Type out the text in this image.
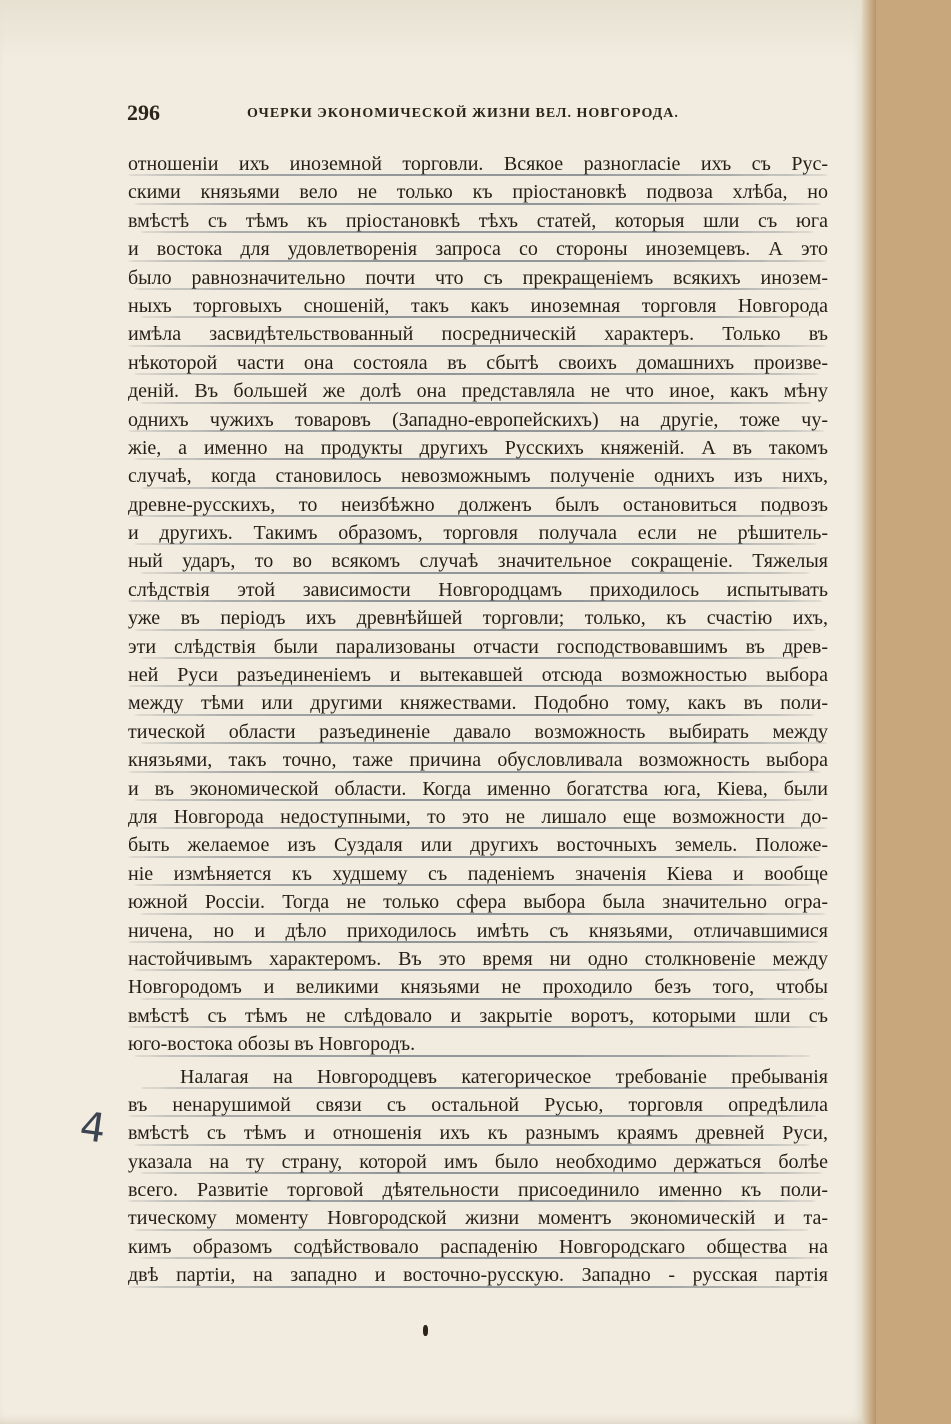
296	ОЧЕРКИ ЭКОНОМИЧЕСКОЙ ЖИЗНИ ВЕЛ. НОВГОРОДА.
отношеніи ихъ иноземной торговли. Всякое разногласіе ихъ съ Рус-
скими князьями вело не только къ пріостановкѣ подвоза хлѣба, но
вмѣстѣ съ тѣмъ къ пріостановкѣ тѣхъ статей, которыя шли съ юга
и востока для удовлетворенія запроса со стороны иноземцевъ. А это
было равнозначительно почти что съ прекращеніемъ всякихъ инозем-
ныхъ торговыхъ сношеній, такъ какъ иноземная торговля Новгорода
имѣла засвидѣтельствованный посредническій характеръ. Только въ
нѣкоторой части она состояла въ сбытѣ своихъ домашнихъ произве-
деній. Въ большей же долѣ она представляла не что иное, какъ мѣну
однихъ чужихъ товаровъ (Западно-европейскихъ) на другіе, тоже чу-
жіе, а именно на продукты другихъ Русскихъ княженій. А въ такомъ
случаѣ, когда становилось невозможнымъ полученіе однихъ изъ нихъ,
древне-русскихъ, то неизбѣжно долженъ былъ остановиться подвозъ
и другихъ. Такимъ образомъ, торговля получала если не рѣшитель-
ный ударъ, то во всякомъ случаѣ значительное сокращеніе. Тяжелыя
слѣдствія этой зависимости Новгородцамъ приходилось испытывать
уже въ періодъ ихъ древнѣйшей торговли; только, къ счастію ихъ,
эти слѣдствія были парализованы отчасти господствовавшимъ въ древ-
ней Руси разъединеніемъ и вытекавшей отсюда возможностью выбора
между тѣми или другими княжествами. Подобно тому, какъ въ поли-
тической области разъединеніе давало возможность выбирать между
князьями, такъ точно, таже причина обусловливала возможность выбора
и въ экономической области. Когда именно богатства юга, Кіева, были
для Новгорода недоступными, то это не лишало еще возможности до-
быть желаемое изъ Суздаля или другихъ восточныхъ земель. Положе-
ніе измѣняется къ худшему съ паденіемъ значенія Кіева и вообще
южной Россіи. Тогда не только сфера выбора была значительно огра-
ничена, но и дѣло приходилось имѣть съ князьями, отличавшимися
настойчивымъ характеромъ. Въ это время ни одно столкновеніе между
Новгородомъ и великими князьями не проходило безъ того, чтобы
вмѣстѣ съ тѣмъ не слѣдовало и закрытіе воротъ, которыми шли съ
юго-востока обозы въ Новгородъ.
Налагая на Новгородцевъ категорическое требованіе пребыванія
въ ненарушимой связи съ остальной Русью, торговля опредѣлила
вмѣстѣ съ тѣмъ и отношенія ихъ къ разнымъ краямъ древней Руси,
указала на ту страну, которой имъ было необходимо держаться болѣе
всего. Развитіе торговой дѣятельности присоединило именно къ поли-
тическому моменту Новгородской жизни моментъ экономическій и та-
кимъ образомъ содѣйствовало распаденію Новгородскаго общества на
двѣ партіи, на западно и восточно-русскую. Западно - русская партія
4
